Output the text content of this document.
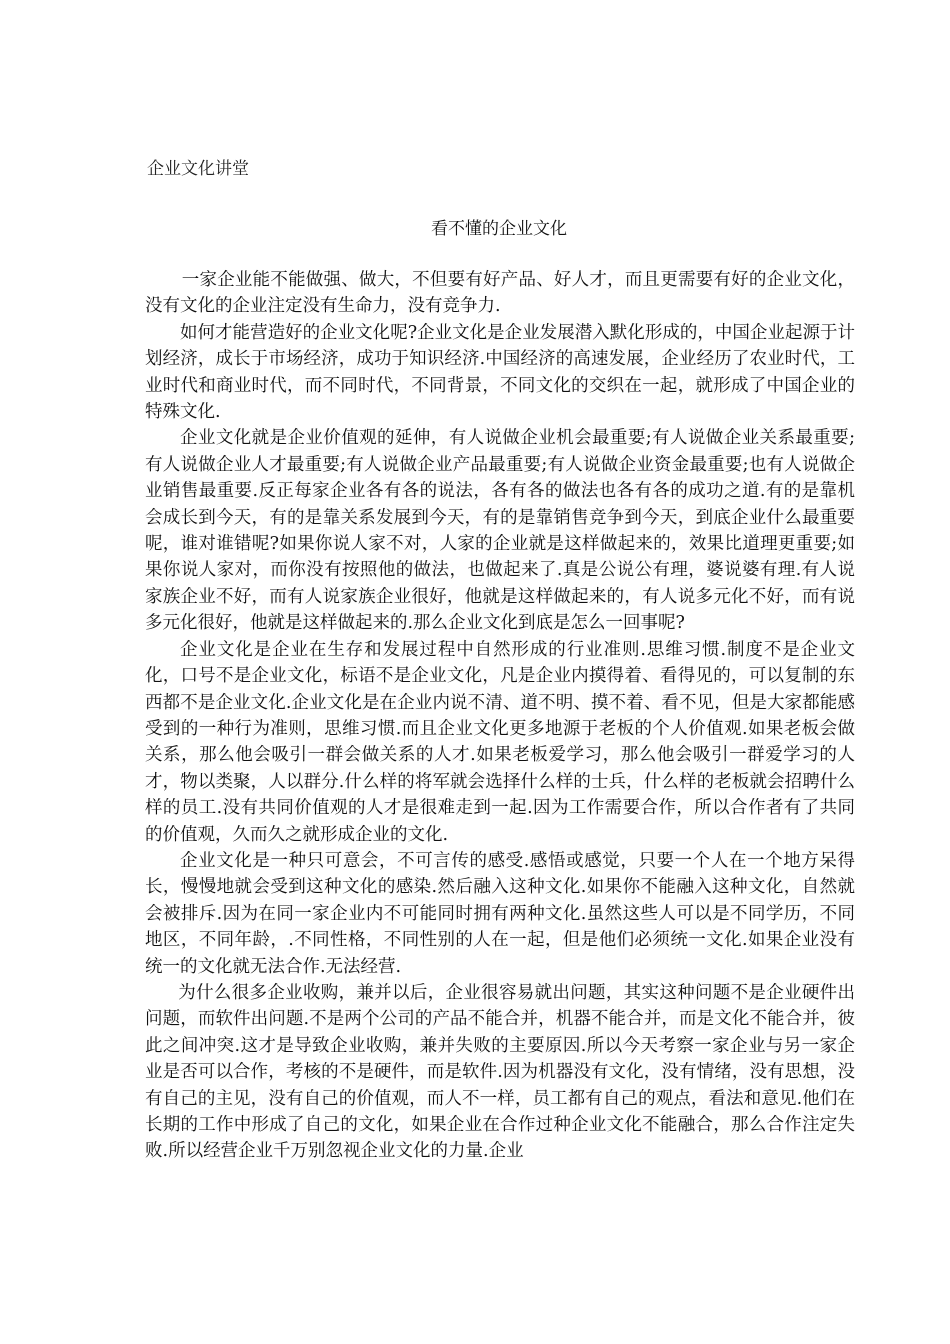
企业文化讲堂
看不懂的企业文化

一家企业能不能做强、做大，不但要有好产品、好人才，而且更需要有好的企业文化，没有文化的企业注定没有生命力，没有竞争力.

如何才能营造好的企业文化呢?企业文化是企业发展潜入默化形成的，中国企业起源于计划经济，成长于市场经济，成功于知识经济.中国经济的高速发展，企业经历了农业时代，工业时代和商业时代，而不同时代，不同背景，不同文化的交织在一起，就形成了中国企业的特殊文化.

企业文化就是企业价值观的延伸，有人说做企业机会最重要;有人说做企业关系最重要;有人说做企业人才最重要;有人说做企业产品最重要;有人说做企业资金最重要;也有人说做企业销售最重要.反正每家企业各有各的说法，各有各的做法也各有各的成功之道.有的是靠机会成长到今天，有的是靠关系发展到今天，有的是靠销售竞争到今天，到底企业什么最重要呢，谁对谁错呢?如果你说人家不对，人家的企业就是这样做起来的，效果比道理更重要;如果你说人家对，而你没有按照他的做法，也做起来了.真是公说公有理，婆说婆有理.有人说家族企业不好，而有人说家族企业很好，他就是这样做起来的，有人说多元化不好，而有说多元化很好，他就是这样做起来的.那么企业文化到底是怎么一回事呢?

企业文化是企业在生存和发展过程中自然形成的行业准则.思维习惯.制度不是企业文化，口号不是企业文化，标语不是企业文化，凡是企业内摸得着、看得见的，可以复制的东西都不是企业文化.企业文化是在企业内说不清、道不明、摸不着、看不见，但是大家都能感受到的一种行为准则，思维习惯.而且企业文化更多地源于老板的个人价值观.如果老板会做关系，那么他会吸引一群会做关系的人才.如果老板爱学习，那么他会吸引一群爱学习的人才，物以类聚，人以群分.什么样的将军就会选择什么样的士兵，什么样的老板就会招聘什么样的员工.没有共同价值观的人才是很难走到一起.因为工作需要合作，所以合作者有了共同的价值观，久而久之就形成企业的文化.

企业文化是一种只可意会，不可言传的感受.感悟或感觉，只要一个人在一个地方呆得长，慢慢地就会受到这种文化的感染.然后融入这种文化.如果你不能融入这种文化，自然就会被排斥.因为在同一家企业内不可能同时拥有两种文化.虽然这些人可以是不同学历，不同地区，不同年龄，.不同性格，不同性别的人在一起，但是他们必须统一文化.如果企业没有统一的文化就无法合作.无法经营.

为什么很多企业收购，兼并以后，企业很容易就出问题，其实这种问题不是企业硬件出问题，而软件出问题.不是两个公司的产品不能合并，机器不能合并，而是文化不能合并，彼此之间冲突.这才是导致企业收购，兼并失败的主要原因.所以今天考察一家企业与另一家企业是否可以合作，考核的不是硬件，而是软件.因为机器没有文化，没有情绪，没有思想，没有自己的主见，没有自己的价值观，而人不一样，员工都有自己的观点，看法和意见.他们在长期的工作中形成了自己的文化，如果企业在合作过种企业文化不能融合，那么合作注定失败.所以经营企业千万别忽视企业文化的力量.企业
